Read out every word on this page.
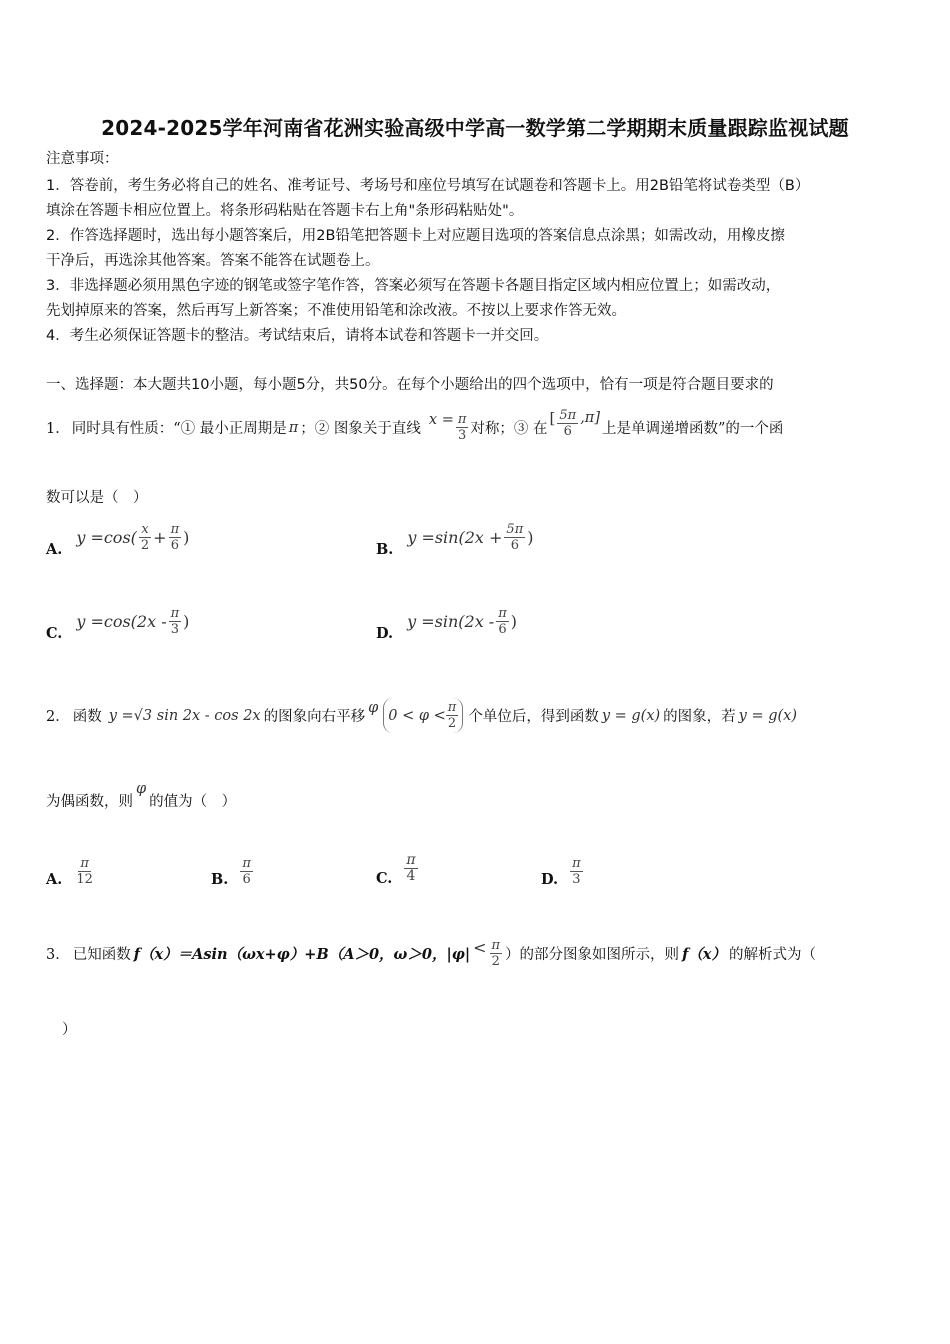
2024-2025学年河南省花洲实验高级中学高一数学第二学期期末质量跟踪监视试题
注意事项：
1．答卷前，考生务必将自己的姓名、准考证号、考场号和座位号填写在试题卷和答题卡上。用2B铅笔将试卷类型（B）
填涂在答题卡相应位置上。将条形码粘贴在答题卡右上角"条形码粘贴处"。
2．作答选择题时，选出每小题答案后，用2B铅笔把答题卡上对应题目选项的答案信息点涂黑；如需改动，用橡皮擦
干净后，再选涂其他答案。答案不能答在试题卷上。
3．非选择题必须用黑色字迹的钢笔或签字笔作答，答案必须写在答题卡各题目指定区域内相应位置上；如需改动，
先划掉原来的答案，然后再写上新答案；不准使用铅笔和涂改液。不按以上要求作答无效。
4．考生必须保证答题卡的整洁。考试结束后，请将本试卷和答题卡一并交回。
一、选择题：本大题共10小题，每小题5分，共50分。在每个小题给出的四个选项中，恰有一项是符合题目要求的
1． 同时具有性质：“① 最小正周期是 π ；② 图象关于直线
$x = \frac{\pi}{3}$ 对称；③ 在
[ $\frac{5\pi}{6} ,\pi$]
上是单调递增函数”的一个函
数可以是（　）
A.
$y =\cos( \frac{x}{2} + \frac{\pi}{6}$ )
B.
$y =\sin(2x + \frac{5\pi}{6}$ )
C.
$y =\cos(2x - \frac{\pi}{3}$ )
D.
$y =\sin(2x - \frac{\pi}{6}$ )
2． 函数 y =√3 sin 2x - cos 2x 的图象向右平移
φ $0 < \varphi < \frac{\pi}{2}$ 个单位后，得到函数 y = g(x) 的图象，若 y = g(x)
为偶函数，则
φ
的值为（　）
A. $\frac{\pi}{12}$	B. $\frac{\pi}{6}$	C. $\frac{\pi}{4}$	D. $\frac{\pi}{3}$
3． 已知函数 f（x）＝Asin（ωx+φ）+B（A＞0，ω＞0，$|\varphi| < \frac{\pi}{2}$ ）的部分图象如图所示，则 f（x） 的解析式为（
）
